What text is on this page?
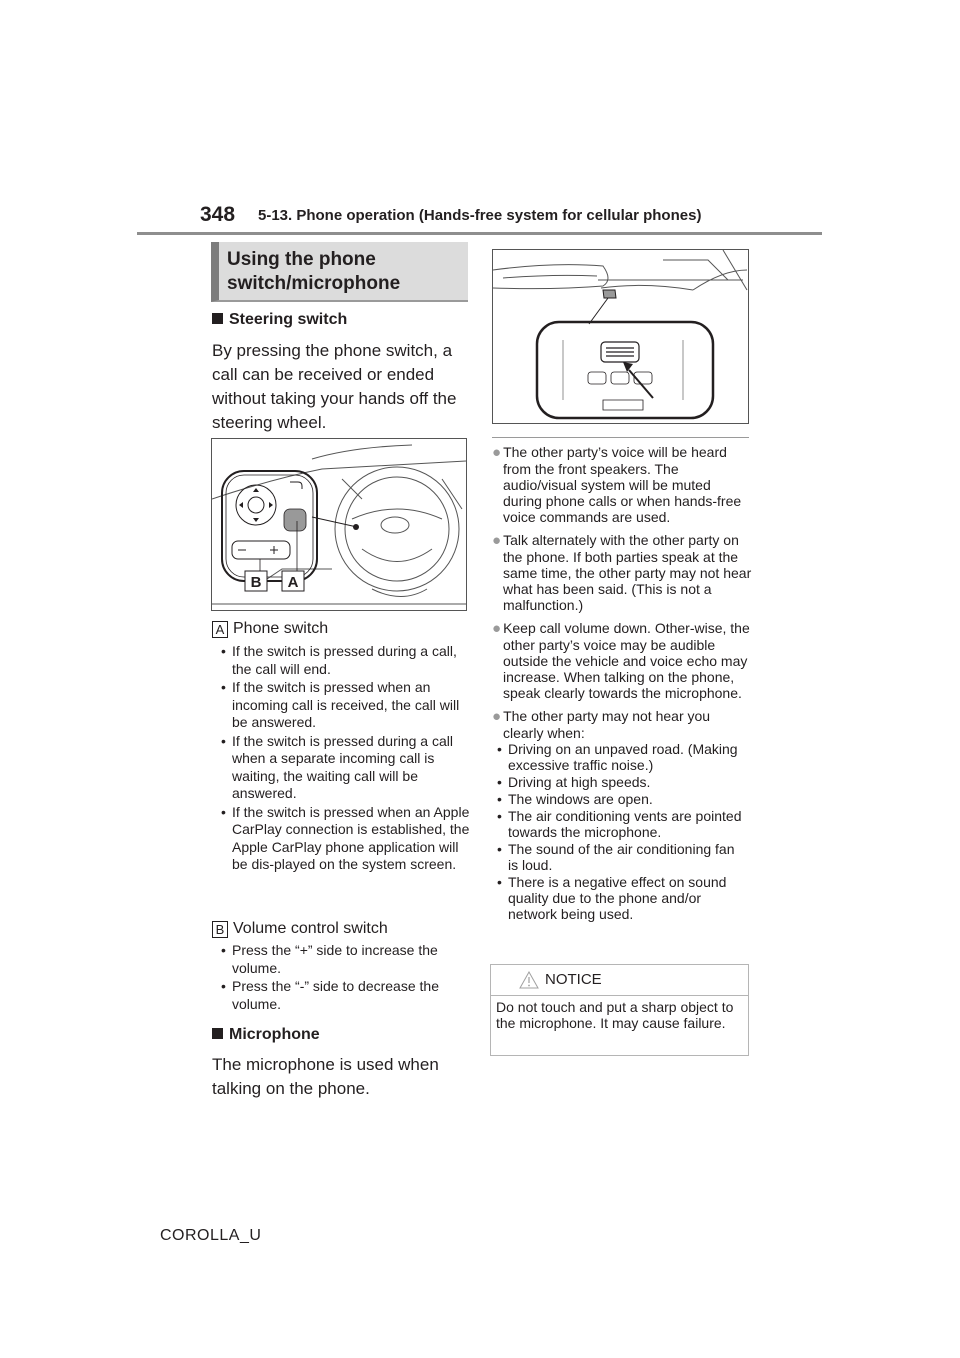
348 5-13. Phone operation (Hands-free system for cellular phones)
Using the phone
switch/microphone
Steering switch
By pressing the phone switch, a
call can be received or ended
without taking your hands off the
steering wheel.
B A
A Phone switch
• If the switch is pressed during a call, the call will end.
• If the switch is pressed when an incoming call is received, the call will be answered.
• If the switch is pressed during a call when a separate incoming call is waiting, the waiting call will be answered.
• If the switch is pressed when an Apple CarPlay connection is established, the Apple CarPlay phone application will be dis-played on the system screen.
B Volume control switch
• Press the “+” side to increase the volume.
• Press the “-” side to decrease the volume.
Microphone
The microphone is used when
talking on the phone.
● The other party’s voice will be heard from the front speakers. The audio/visual system will be muted during phone calls or when hands-free voice commands are used.
● Talk alternately with the other party on the phone. If both parties speak at the same time, the other party may not hear what has been said. (This is not a malfunction.)
● Keep call volume down. Other-wise, the other party’s voice may be audible outside the vehicle and voice echo may increase. When talking on the phone, speak clearly towards the microphone.
● The other party may not hear you clearly when:
• Driving on an unpaved road. (Making excessive traffic noise.)
• Driving at high speeds.
• The windows are open.
• The air conditioning vents are pointed towards the microphone.
• The sound of the air conditioning fan is loud.
• There is a negative effect on sound quality due to the phone and/or network being used.
NOTICE
Do not touch and put a sharp object to the microphone. It may cause failure.
COROLLA_U
